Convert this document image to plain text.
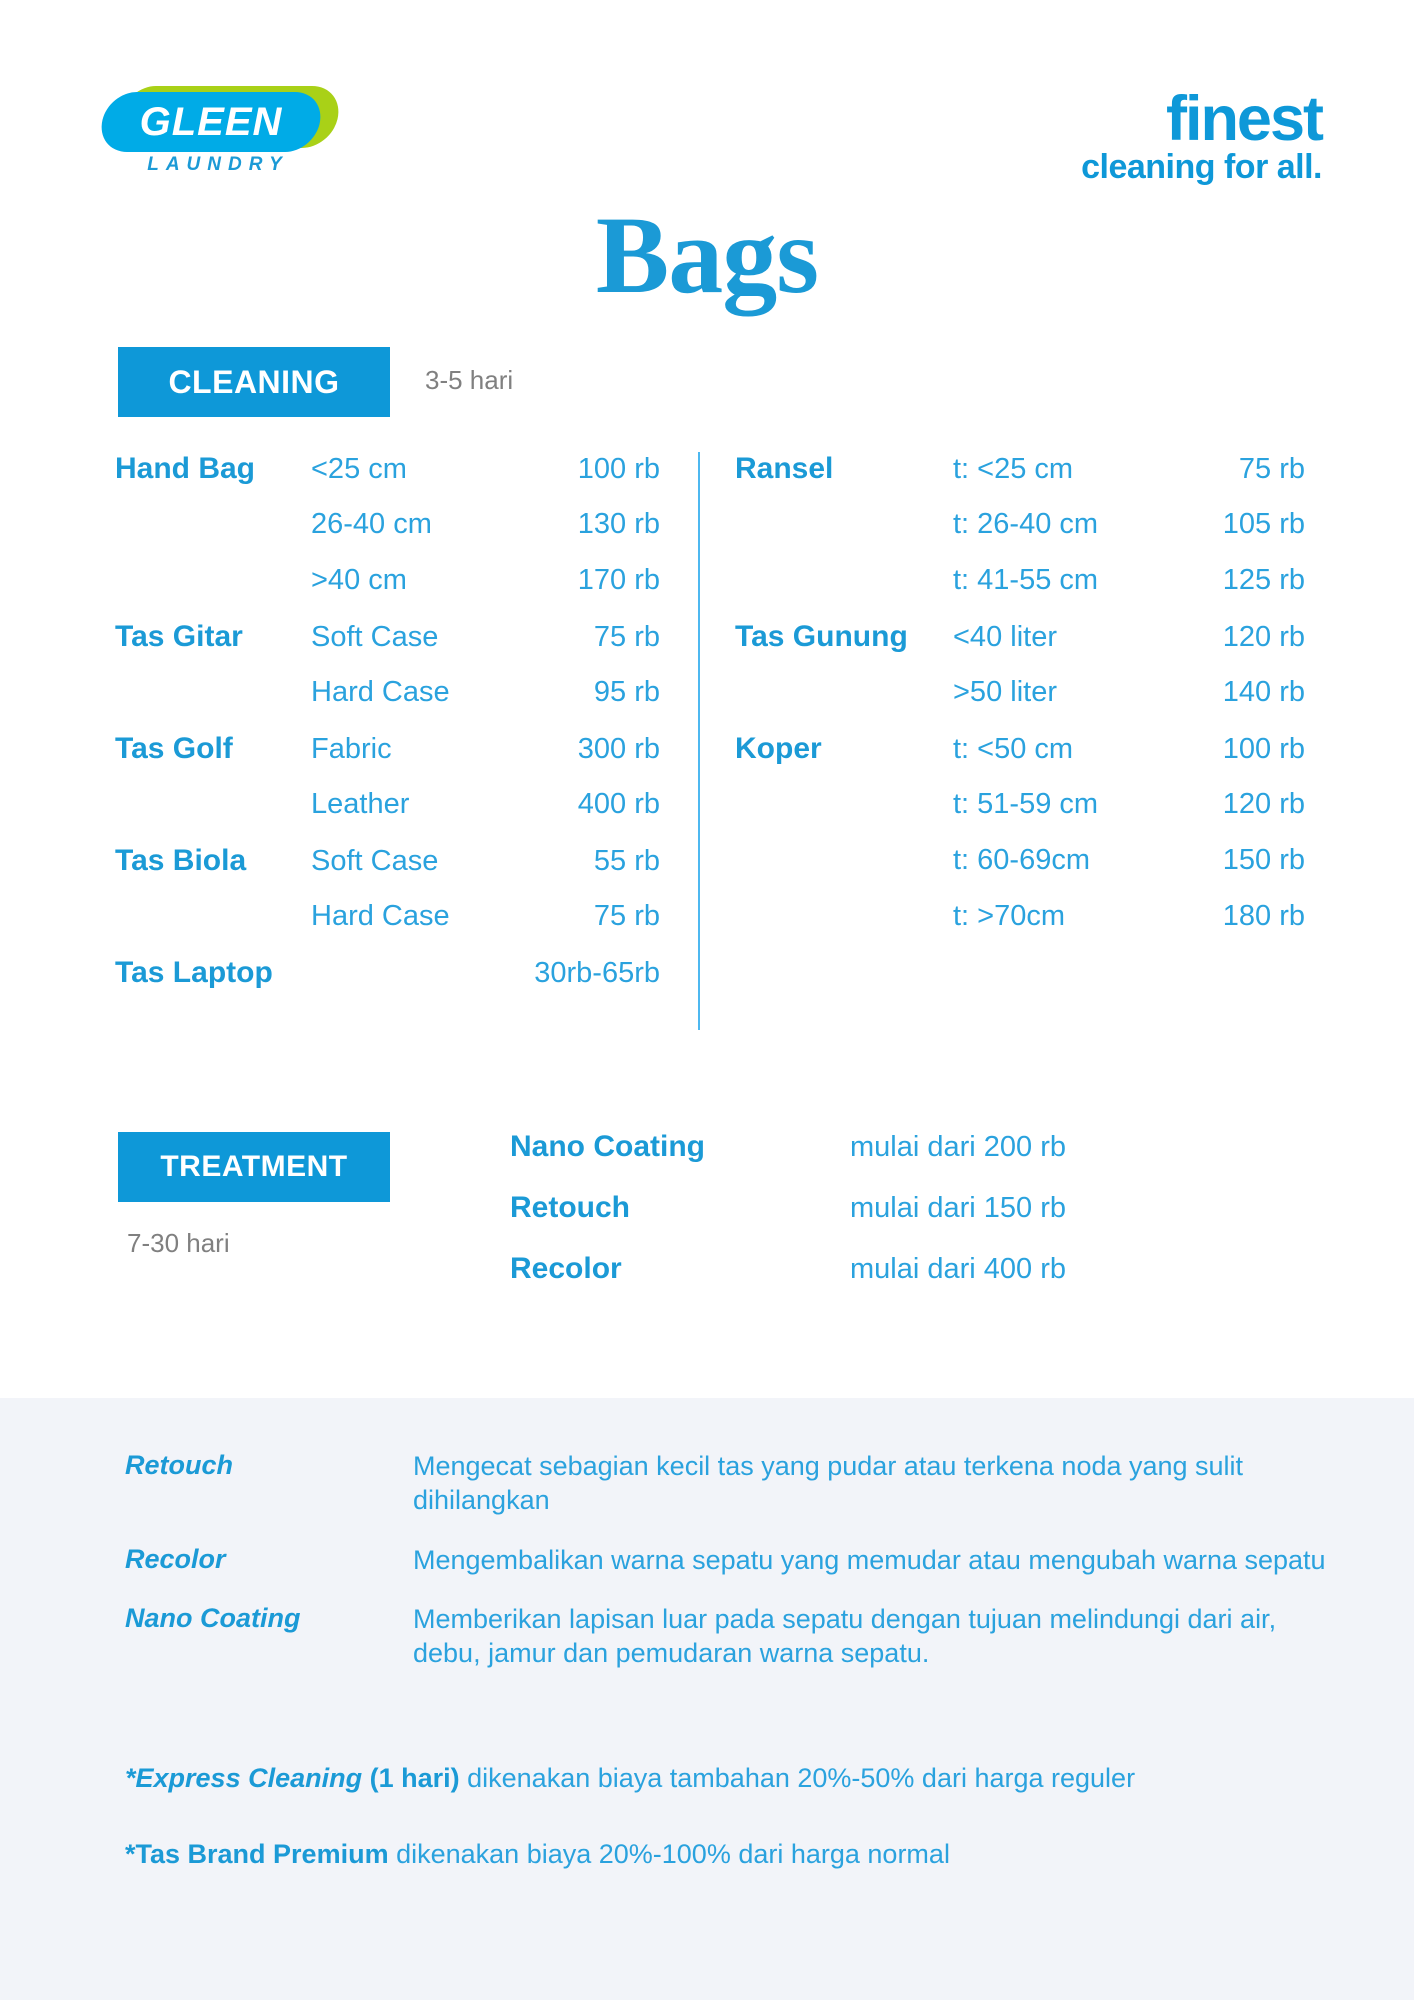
GLEEN
LAUNDRY
finest
cleaning for all.
Bags
CLEANING	3-5 hari
Hand Bag	<25 cm	100 rb
26-40 cm	130 rb
>40 cm	170 rb
Tas Gitar	Soft Case	75 rb
Hard Case	95 rb
Tas Golf	Fabric	300 rb
Leather	400 rb
Tas Biola	Soft Case	55 rb
Hard Case	75 rb
Tas Laptop	30rb-65rb
Ransel	t: <25 cm	75 rb
t: 26-40 cm	105 rb
t: 41-55 cm	125 rb
Tas Gunung	<40 liter	120 rb
>50 liter	140 rb
Koper	t: <50 cm	100 rb
t: 51-59 cm	120 rb
t: 60-69cm	150 rb
t: >70cm	180 rb
TREATMENT
7-30 hari
Nano Coating	mulai dari 200 rb
Retouch	mulai dari 150 rb
Recolor	mulai dari 400 rb
Retouch	Mengecat sebagian kecil tas yang pudar atau terkena noda yang sulit dihilangkan
Recolor	Mengembalikan warna sepatu yang memudar atau mengubah warna sepatu
Nano Coating	Memberikan lapisan luar pada sepatu dengan tujuan melindungi dari air, debu, jamur dan pemudaran warna sepatu.
*Express Cleaning (1 hari) dikenakan biaya tambahan 20%-50% dari harga reguler
*Tas Brand Premium dikenakan biaya 20%-100% dari harga normal
